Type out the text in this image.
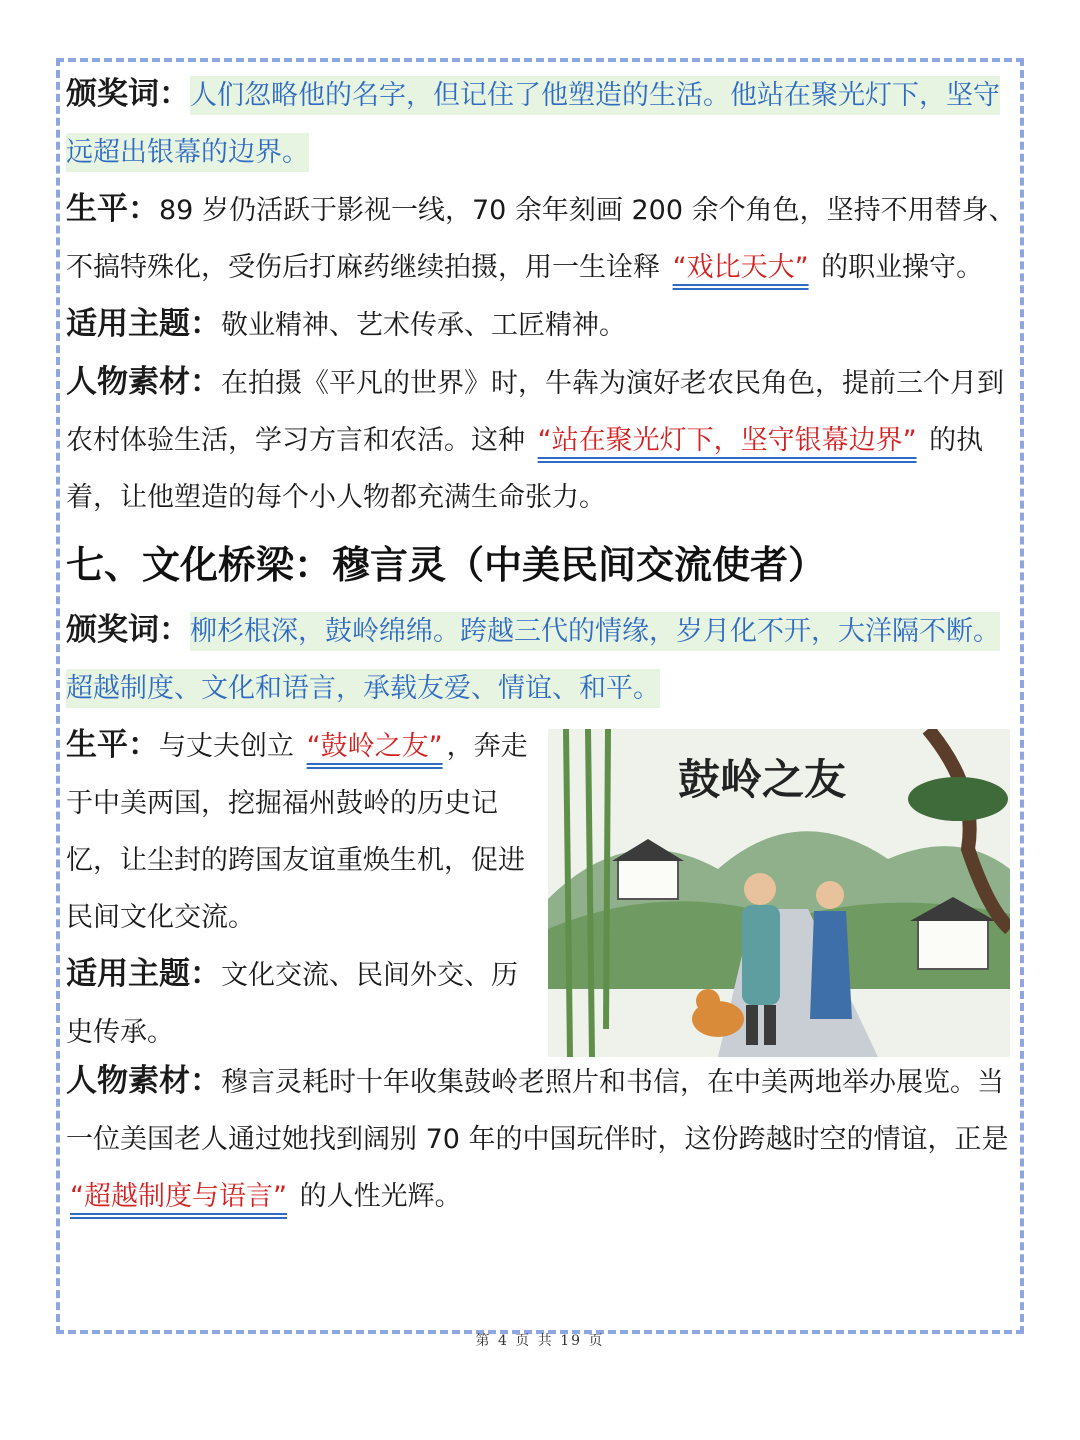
颁奖词：人们忽略他的名字，但记住了他塑造的生活。他站在聚光灯下，坚守远超出银幕的边界。

生平：89 岁仍活跃于影视一线，70 余年刻画 200 余个角色，坚持不用替身、不搞特殊化，受伤后打麻药继续拍摄，用一生诠释 “戏比天大” 的职业操守。

适用主题：敬业精神、艺术传承、工匠精神。

人物素材：在拍摄《平凡的世界》时，牛犇为演好老农民角色，提前三个月到农村体验生活，学习方言和农活。这种 “站在聚光灯下，坚守银幕边界” 的执着，让他塑造的每个小人物都充满生命张力。

七、文化桥梁：穆言灵（中美民间交流使者）

颁奖词：柳杉根深，鼓岭绵绵。跨越三代的情缘，岁月化不开，大洋隔不断。超越制度、文化和语言，承载友爱、情谊、和平。

生平：与丈夫创立 “鼓岭之友” ，奔走于中美两国，挖掘福州鼓岭的历史记忆，让尘封的跨国友谊重焕生机，促进民间文化交流。

适用主题：文化交流、民间外交、历史传承。

鼓岭之友

人物素材：穆言灵耗时十年收集鼓岭老照片和书信，在中美两地举办展览。当一位美国老人通过她找到阔别 70 年的中国玩伴时，这份跨越时空的情谊，正是 “超越制度与语言” 的人性光辉。

第 4 页 共 19 页
